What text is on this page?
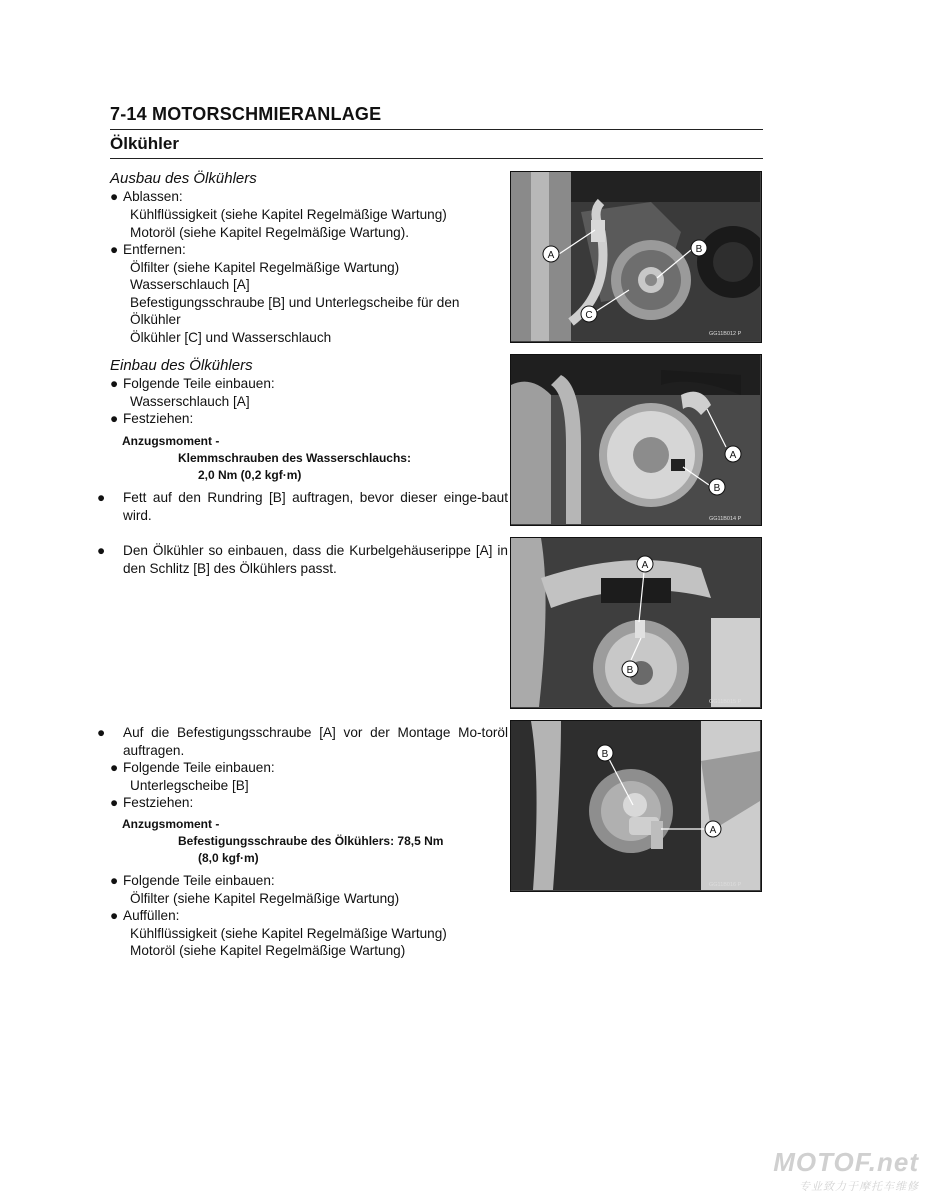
7-14 MOTORSCHMIERANLAGE
Ölkühler
Ausbau des Ölkühlers
● Ablassen:
Kühlflüssigkeit (siehe Kapitel Regelmäßige Wartung)
Motoröl (siehe Kapitel Regelmäßige Wartung).
● Entfernen:
Ölfilter (siehe Kapitel Regelmäßige Wartung)
Wasserschlauch [A]
Befestigungsschraube [B] und Unterlegscheibe für den
Ölkühler
Ölkühler [C] und Wasserschlauch
Einbau des Ölkühlers
● Folgende Teile einbauen:
Wasserschlauch [A]
● Festziehen:
Anzugsmoment -
Klemmschrauben des Wasserschlauchs:
2,0 Nm (0,2 kgf·m)
● Fett auf den Rundring [B] auftragen, bevor dieser einge-baut wird.
● Den Ölkühler so einbauen, dass die Kurbelgehäuserippe [A] in den Schlitz [B] des Ölkühlers passt.
● Auf die Befestigungsschraube [A] vor der Montage Mo-toröl auftragen.
● Folgende Teile einbauen:
Unterlegscheibe [B]
● Festziehen:
Anzugsmoment -
Befestigungsschraube des Ölkühlers: 78,5 Nm
(8,0 kgf·m)
● Folgende Teile einbauen:
Ölfilter (siehe Kapitel Regelmäßige Wartung)
● Auffüllen:
Kühlflüssigkeit (siehe Kapitel Regelmäßige Wartung)
Motoröl (siehe Kapitel Regelmäßige Wartung)
A
B
C
GG11B012 P
A
B
GG11B014 P
A
B
GG11B015 P
B
A
GG11B016 P
MOTOF.net
专业致力于摩托车维修
